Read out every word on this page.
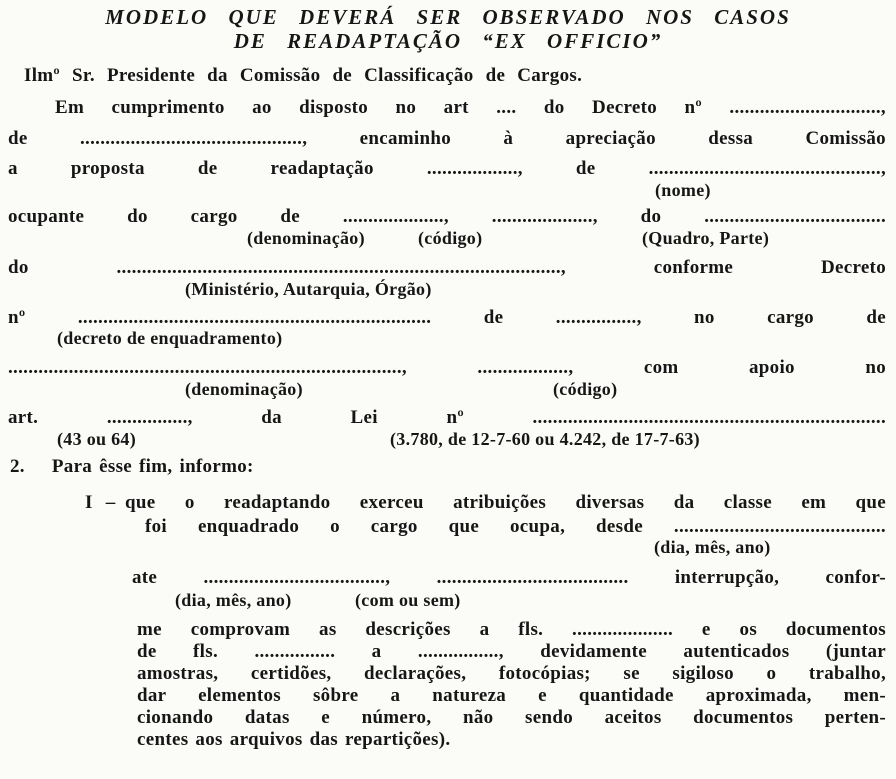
MODELO QUE DEVERÁ SER OBSERVADO NOS CASOS
DE READAPTAÇÃO “EX OFFICIO”
Ilmº Sr. Presidente da Comissão de Classificação de Cargos.
Em cumprimento ao disposto no art .... do Decreto nº ..............................,
de ............................................, encaminho à apreciação dessa Comissão
a proposta de readaptação .................., de ..............................................,
(nome)
ocupante do cargo de ...................., ...................., do ....................................
(denominação)	(código)	(Quadro, Parte)
do ........................................................................................, conforme Decreto
(Ministério, Autarquia, Órgão)
nº ...................................................................... de ................, no cargo de
(decreto de enquadramento)
.............................................................................., .................., com apoio no
(denominação)	(código)
art. ................, da Lei nº ......................................................................
(43 ou 64)	(3.780, de 12-7-60 ou 4.242, de 17-7-63)
2. Para êsse fim, informo:
I – que o readaptando exerceu atribuições diversas da classe em que
foi enquadrado o cargo que ocupa, desde ..........................................
(dia, mês, ano)
ate ...................................., ...................................... interrupção, confor-
(dia, mês, ano)	(com ou sem)
me comprovam as descrições a fls. .................... e os documentos
de fls. ................ a ................, devidamente autenticados (juntar
amostras, certidões, declarações, fotocópias; se sigiloso o trabalho,
dar elementos sôbre a natureza e quantidade aproximada, men-
cionando datas e número, não sendo aceitos documentos perten-
centes aos arquivos das repartições).
